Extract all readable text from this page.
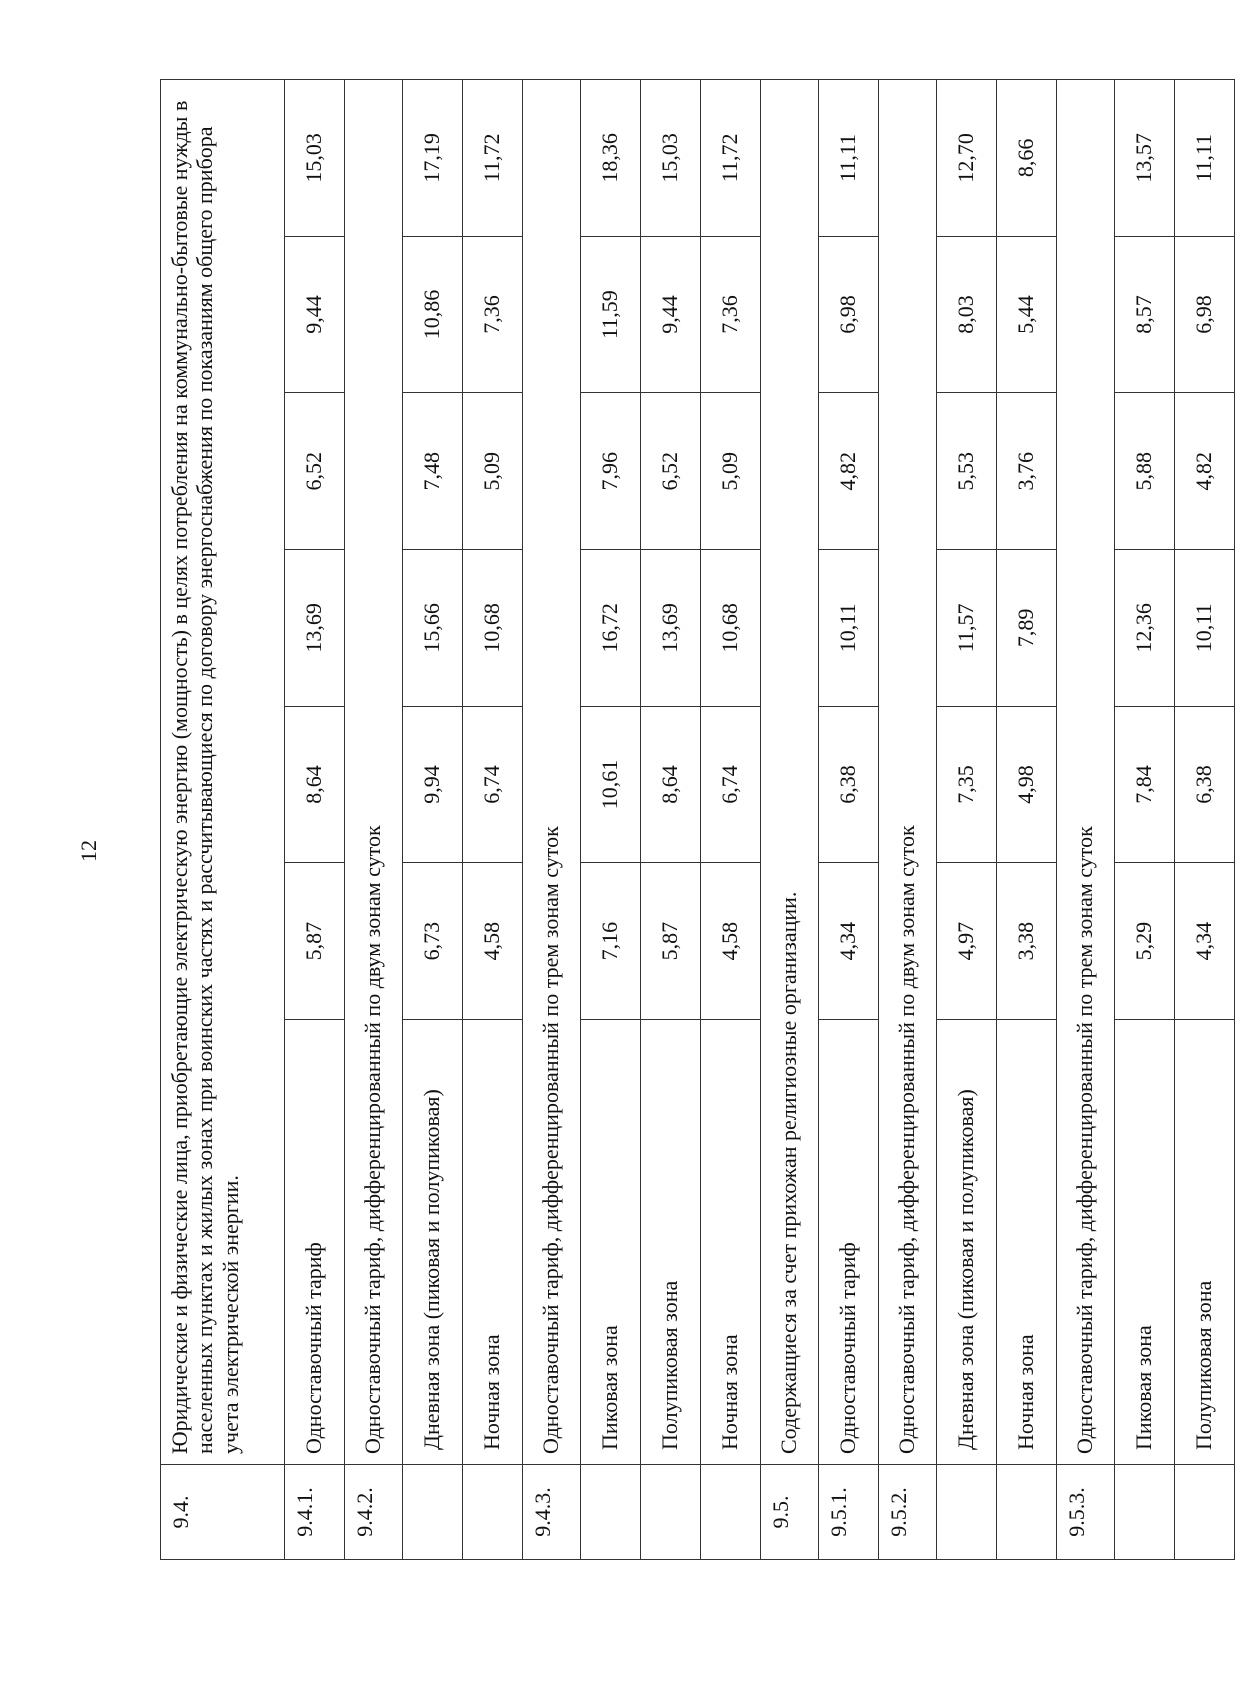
12
9.4.	Юридические и физические лица, приобретающие электрическую энергию (мощность) в целях потребления на коммунально-бытовые нужды в населенных пунктах и жилых зонах при воинских частях и рассчитывающиеся по договору энергоснабжения по показаниям общего прибора учета электрической энергии.						
9.4.1.	Одноставочный тариф	5,87	8,64	13,69	6,52	9,44	15,03
9.4.2.	Одноставочный тариф, дифференцированный по двум зонам суток						
	Дневная зона (пиковая и полупиковая)	6,73	9,94	15,66	7,48	10,86	17,19
	Ночная зона	4,58	6,74	10,68	5,09	7,36	11,72
9.4.3.	Одноставочный тариф, дифференцированный по трем зонам суток						
	Пиковая зона	7,16	10,61	16,72	7,96	11,59	18,36
	Полупиковая зона	5,87	8,64	13,69	6,52	9,44	15,03
	Ночная зона	4,58	6,74	10,68	5,09	7,36	11,72
9.5.	Содержащиеся за счет прихожан религиозные организации.						
9.5.1.	Одноставочный тариф	4,34	6,38	10,11	4,82	6,98	11,11
9.5.2.	Одноставочный тариф, дифференцированный по двум зонам суток						
	Дневная зона (пиковая и полупиковая)	4,97	7,35	11,57	5,53	8,03	12,70
	Ночная зона	3,38	4,98	7,89	3,76	5,44	8,66
9.5.3.	Одноставочный тариф, дифференцированный по трем зонам суток						
	Пиковая зона	5,29	7,84	12,36	5,88	8,57	13,57
	Полупиковая зона	4,34	6,38	10,11	4,82	6,98	11,11
